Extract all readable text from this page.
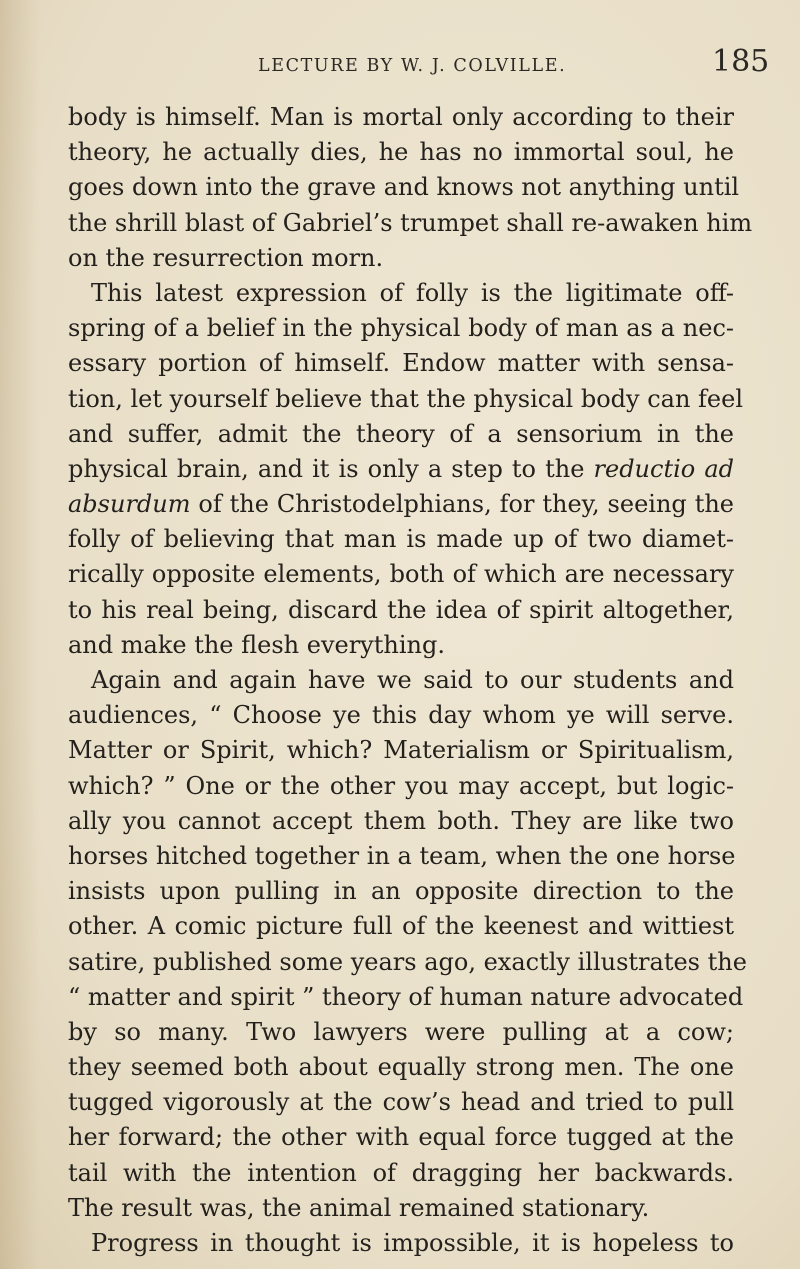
LECTURE BY W. J. COLVILLE.	185
body is himself. Man is mortal only according to their
theory, he actually dies, he has no immortal soul, he
goes down into the grave and knows not anything until
the shrill blast of Gabriel’s trumpet shall re-awaken him
on the resurrection morn.
This latest expression of folly is the ligitimate off-
spring of a belief in the physical body of man as a nec-
essary portion of himself. Endow matter with sensa-
tion, let yourself believe that the physical body can feel
and suffer, admit the theory of a sensorium in the
physical brain, and it is only a step to the reductio ad
absurdum of the Christodelphians, for they, seeing the
folly of believing that man is made up of two diamet-
rically opposite elements, both of which are necessary
to his real being, discard the idea of spirit altogether,
and make the flesh everything.
Again and again have we said to our students and
audiences, “ Choose ye this day whom ye will serve.
Matter or Spirit, which? Materialism or Spiritualism,
which? ” One or the other you may accept, but logic-
ally you cannot accept them both. They are like two
horses hitched together in a team, when the one horse
insists upon pulling in an opposite direction to the
other. A comic picture full of the keenest and wittiest
satire, published some years ago, exactly illustrates the
“ matter and spirit ” theory of human nature advocated
by so many. Two lawyers were pulling at a cow;
they seemed both about equally strong men. The one
tugged vigorously at the cow’s head and tried to pull
her forward; the other with equal force tugged at the
tail with the intention of dragging her backwards.
The result was, the animal remained stationary.
Progress in thought is impossible, it is hopeless to
